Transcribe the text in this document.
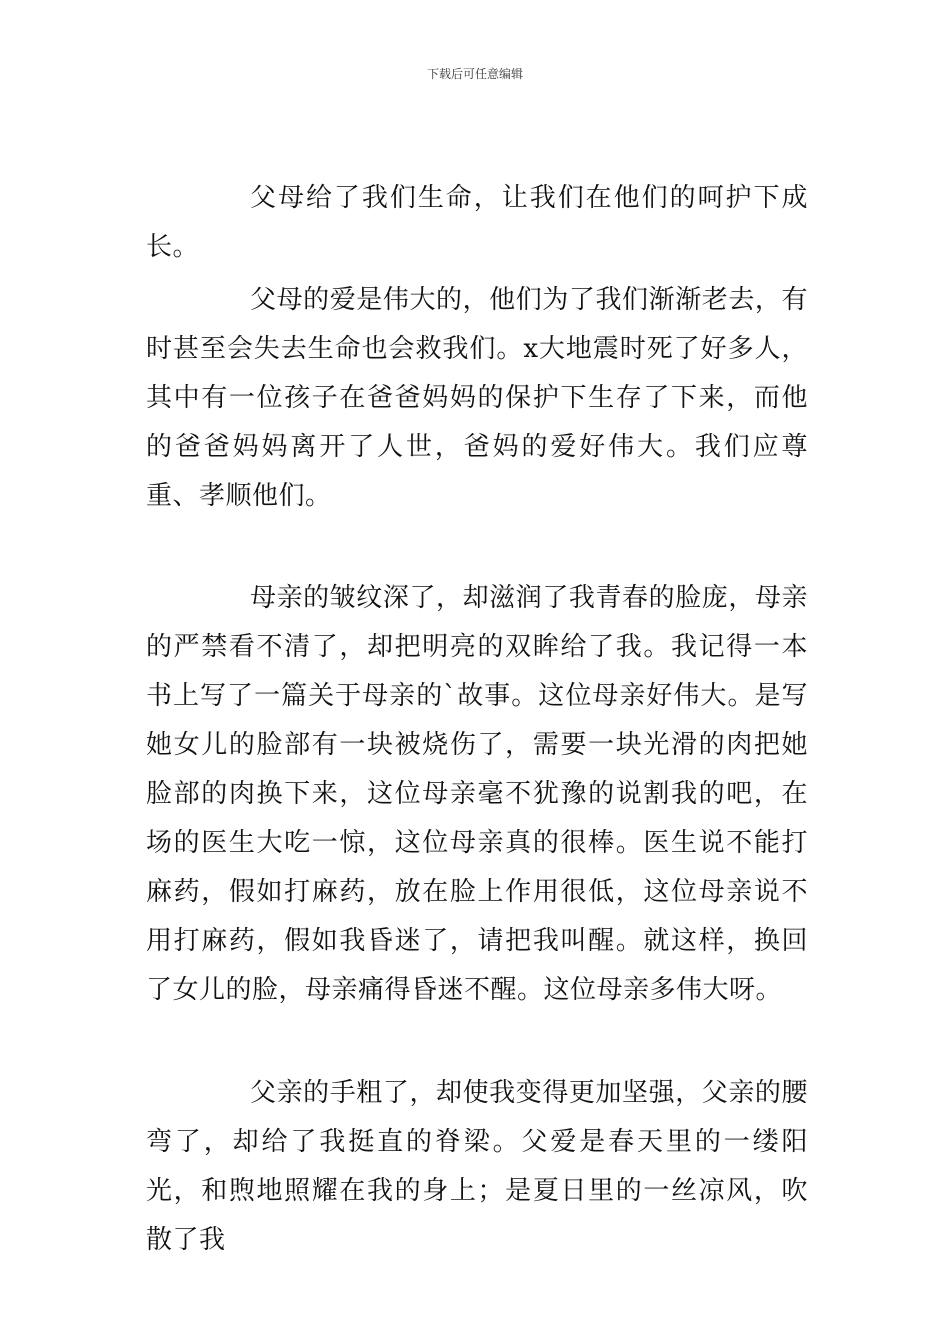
下载后可任意编辑

父母给了我们生命，让我们在他们的呵护下成长。

父母的爱是伟大的，他们为了我们渐渐老去，有时甚至会失去生命也会救我们。x大地震时死了好多人，其中有一位孩子在爸爸妈妈的保护下生存了下来，而他的爸爸妈妈离开了人世，爸妈的爱好伟大。我们应尊重、孝顺他们。

母亲的皱纹深了，却滋润了我青春的脸庞，母亲的严禁看不清了，却把明亮的双眸给了我。我记得一本书上写了一篇关于母亲的`故事。这位母亲好伟大。是写她女儿的脸部有一块被烧伤了，需要一块光滑的肉把她脸部的肉换下来，这位母亲毫不犹豫的说割我的吧，在场的医生大吃一惊，这位母亲真的很棒。医生说不能打麻药，假如打麻药，放在脸上作用很低，这位母亲说不用打麻药，假如我昏迷了，请把我叫醒。就这样，换回了女儿的脸，母亲痛得昏迷不醒。这位母亲多伟大呀。

父亲的手粗了，却使我变得更加坚强，父亲的腰弯了，却给了我挺直的脊梁。父爱是春天里的一缕阳光，和煦地照耀在我的身上；是夏日里的一丝凉风，吹散了我
